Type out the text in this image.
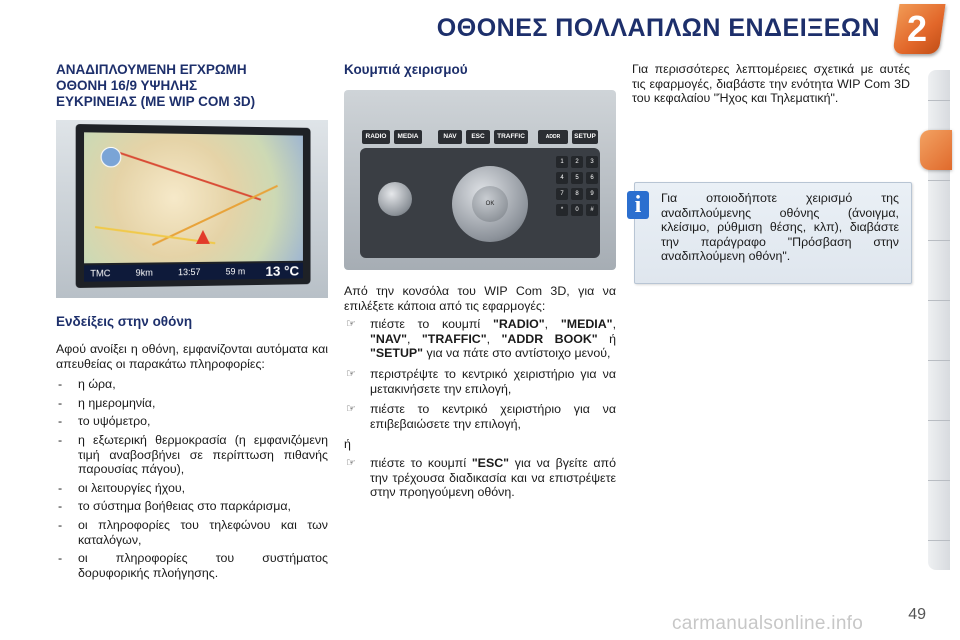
ΟΘΟΝΕΣ ΠΟΛΛΑΠΛΩΝ ΕΝΔΕΙΞΕΩΝ 2

ΑΝΑΔΙΠΛΟΥΜΕΝΗ ΕΓΧΡΩΜΗ
ΟΘΟΝΗ 16/9 ΥΨΗΛΗΣ
ΕΥΚΡΙΝΕΙΑΣ (ΜΕ WIP COM 3D)

TMC	9km	13:57	59 m 13 °C

Ενδείξεις στην οθόνη

Αφού ανοίξει η οθόνη, εμφανίζονται αυτόματα και απευθείας οι παρακάτω πληροφορίες:

- η ώρα,
- η ημερομηνία,
- το υψόμετρο,
- η εξωτερική θερμοκρασία (η εμφανιζόμενη τιμή αναβοσβήνει σε περίπτωση πιθανής παρουσίας πάγου),
- οι λειτουργίες ήχου,
- το σύστημα βοήθειας στο παρκάρισμα,
- οι πληροφορίες του τηλεφώνου και των καταλόγων,
- οι πληροφορίες του συστήματος δορυφορικής πλοήγησης.

Κουμπιά χειρισμού

RADIO	MEDIA	NAV	ESC	TRAFFIC	ADDR	SETUP
OK
1	2	3
4	5	6
7	8	9
*	0	#

Από την κονσόλα του WIP Com 3D, για να επιλέξετε κάποια από τις εφαρμογές:

☞ πιέστε το κουμπί "RADIO", "MEDIA", "NAV", "TRAFFIC", "ADDR BOOK" ή "SETUP" για να πάτε στο αντίστοιχο μενού,
☞ περιστρέψτε το κεντρικό χειριστήριο για να μετακινήσετε την επιλογή,
☞ πιέστε το κεντρικό χειριστήριο για να επιβεβαιώσετε την επιλογή,

ή

☞ πιέστε το κουμπί "ESC" για να βγείτε από την τρέχουσα διαδικασία και να επιστρέψετε στην προηγούμενη οθόνη.

Για περισσότερες λεπτομέρειες σχετικά με αυτές τις εφαρμογές, διαβάστε την ενότητα WIP Com 3D του κεφαλαίου "Ήχος και Τηλεματική".

i	Για οποιοδήποτε χειρισμό της αναδιπλούμενης οθόνης (άνοιγμα, κλείσιμο, ρύθμιση θέσης, κλπ), διαβάστε την παράγραφο "Πρόσβαση στην αναδιπλούμενη οθόνη".
49
carmanualsonline.info
